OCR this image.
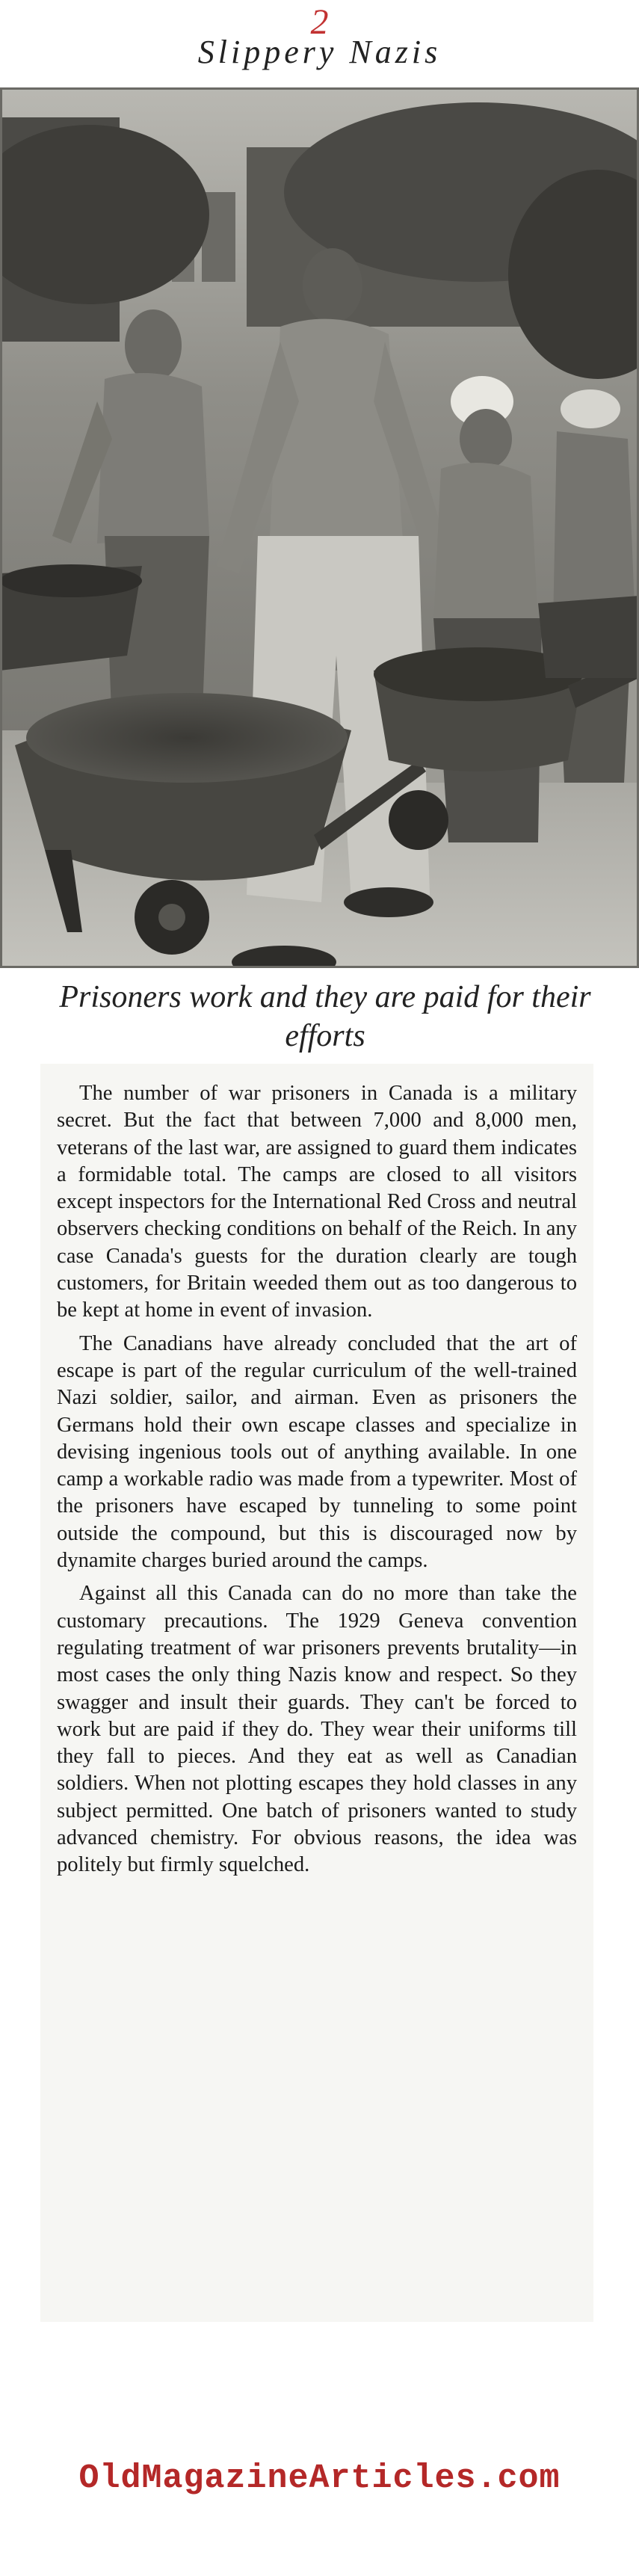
2
Slippery Nazis
Prisoners work and they are paid for their efforts

The number of war prisoners in Canada is a military secret. But the fact that between 7,000 and 8,000 men, veterans of the last war, are assigned to guard them indicates a formidable total. The camps are closed to all visitors except inspectors for the International Red Cross and neutral observers checking conditions on behalf of the Reich. In any case Canada's guests for the duration clearly are tough customers, for Britain weeded them out as too dangerous to be kept at home in event of invasion.

The Canadians have already concluded that the art of escape is part of the regular curriculum of the well-trained Nazi soldier, sailor, and airman. Even as prisoners the Germans hold their own escape classes and specialize in devising ingenious tools out of anything available. In one camp a workable radio was made from a typewriter. Most of the prisoners have escaped by tunneling to some point outside the compound, but this is discouraged now by dynamite charges buried around the camps.

Against all this Canada can do no more than take the customary precautions. The 1929 Geneva convention regulating treatment of war prisoners prevents brutality—in most cases the only thing Nazis know and respect. So they swagger and insult their guards. They can't be forced to work but are paid if they do. They wear their uniforms till they fall to pieces. And they eat as well as Canadian soldiers. When not plotting escapes they hold classes in any subject permitted. One batch of prisoners wanted to study advanced chemistry. For obvious reasons, the idea was politely but firmly squelched.

OldMagazineArticles.com
